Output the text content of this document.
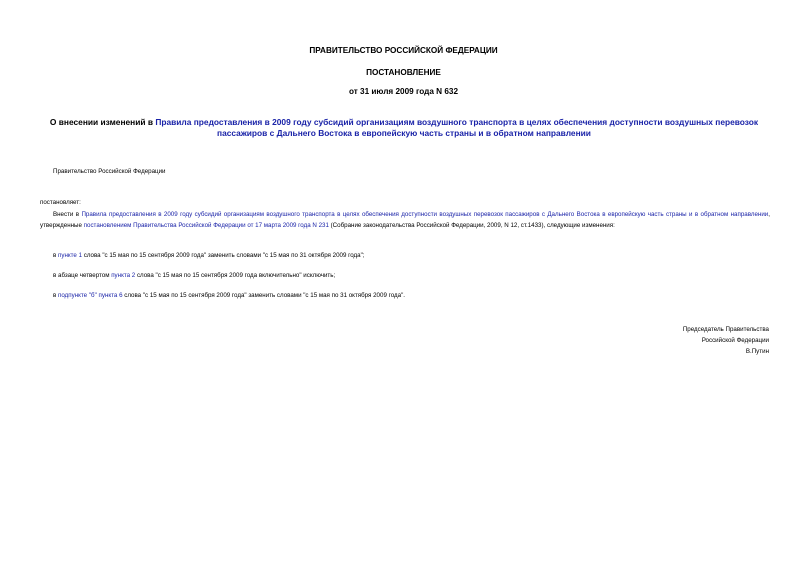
ПРАВИТЕЛЬСТВО РОССИЙСКОЙ ФЕДЕРАЦИИ
ПОСТАНОВЛЕНИЕ
от 31 июля 2009 года N 632
О внесении изменений в Правила предоставления в 2009 году субсидий организациям воздушного транспорта в целях обеспечения доступности воздушных перевозок пассажиров с Дальнего Востока в европейскую часть страны и в обратном направлении
Правительство Российской Федерации
постановляет:
Внести в Правила предоставления в 2009 году субсидий организациям воздушного транспорта в целях обеспечения доступности воздушных перевозок пассажиров с Дальнего Востока в европейскую часть страны и в обратном направлении, утвержденные постановлением Правительства Российской Федерации от 17 марта 2009 года N 231 (Собрание законодательства Российской Федерации, 2009, N 12, ст.1433), следующие изменения:
в пункте 1 слова "с 15 мая по 15 сентября 2009 года" заменить словами "с 15 мая по 31 октября 2009 года";
в абзаце четвертом пункта 2 слова "с 15 мая по 15 сентября 2009 года включительно" исключить;
в подпункте "б" пункта 6 слова "с 15 мая по 15 сентября 2009 года" заменить словами "с 15 мая по 31 октября 2009 года".
Председатель Правительства
Российской Федерации
В.Путин
